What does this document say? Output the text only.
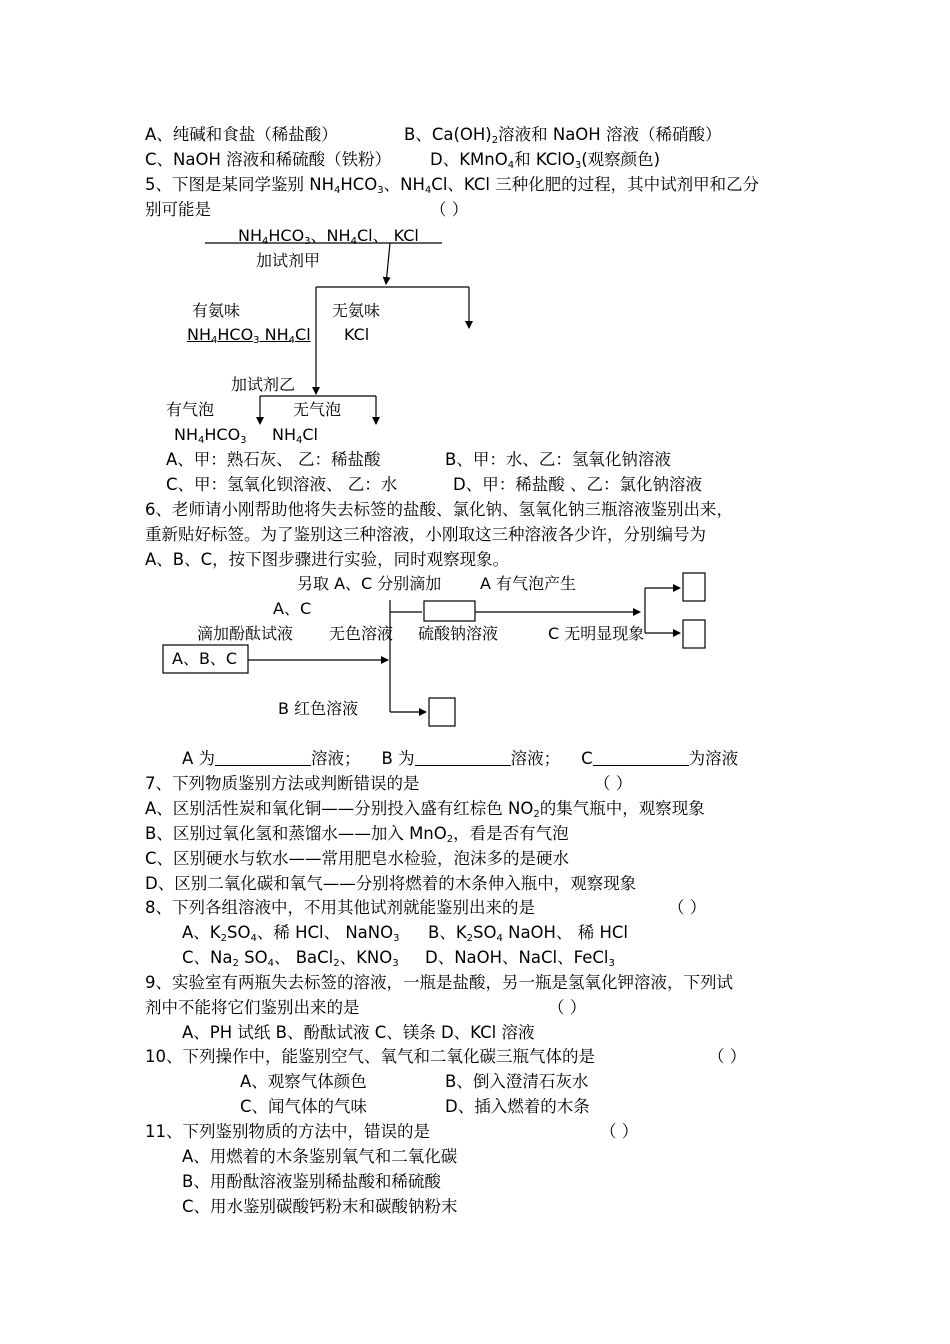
A、纯碱和食盐（稀盐酸）	B、$Ca(OH)_2$溶液和 NaOH 溶液（稀硝酸）
C、NaOH 溶液和稀硫酸（铁粉） D、KMnO$_4$和 KClO$_3$(观察颜色)
5、下图是某同学鉴别 $NH_4HCO_3$、$NH_4Cl$、KCl 三种化肥的过程，其中试剂甲和乙分
别可能是	（ ）
$NH_4HCO_3$、$NH_4Cl$、 KCl
加试剂甲
有氨味	无氨味
$NH_4HCO_3$ $NH_4Cl$ KCl
加试剂乙
有气泡	无气泡
$NH_4HCO_3$ $NH_4Cl$
A、甲：熟石灰、 乙：稀盐酸	B、甲：水、乙：氢氧化钠溶液
C、甲：氢氧化钡溶液、 乙：水	D、甲：稀盐酸 、乙：氯化钠溶液
6、老师请小刚帮助他将失去标签的盐酸、氯化钠、氢氧化钠三瓶溶液鉴别出来，
重新贴好标签。为了鉴别这三种溶液，小刚取这三种溶液各少许，分别编号为
A、B、C，按下图步骤进行实验，同时观察现象。
另取 A、C 分别滴加 A 有气泡产生
A、C
滴加酚酞试液 无色溶液 硫酸钠溶液	C 无明显现象
A、B、C
B 红色溶液
A 为	溶液； B 为	溶液； C	为溶液
7、下列物质鉴别方法或判断错误的是	（ ）
A、区别活性炭和氧化铜——分别投入盛有红棕色 $NO_2$的集气瓶中，观察现象
B、区别过氧化氢和蒸馏水——加入 MnO$_2$，看是否有气泡
C、区别硬水与软水——常用肥皂水检验，泡沫多的是硬水
D、区别二氧化碳和氧气——分别将燃着的木条伸入瓶中，观察现象
8、下列各组溶液中，不用其他试剂就能鉴别出来的是	（ ）
A、$K_2SO_4$、稀 HCl、 NaNO$_3$ B、$K_2SO_4$ NaOH、 稀 HCl
C、$Na_2$ $SO_4$、 BaCl$_2$、$KNO_3$ D、NaOH、NaCl、FeCl$_3$
9、实验室有两瓶失去标签的溶液，一瓶是盐酸，另一瓶是氢氧化钾溶液，下列试
剂中不能将它们鉴别出来的是	（ ）
A、PH 试纸 B、酚酞试液 C、镁条 D、KCl 溶液
10、下列操作中，能鉴别空气、氧气和二氧化碳三瓶气体的是	（ ）
A、观察气体颜色	B、倒入澄清石灰水
C、闻气体的气味	D、插入燃着的木条
11、下列鉴别物质的方法中，错误的是	（ ）
A、用燃着的木条鉴别氧气和二氧化碳
B、用酚酞溶液鉴别稀盐酸和稀硫酸
C、用水鉴别碳酸钙粉末和碳酸钠粉末
